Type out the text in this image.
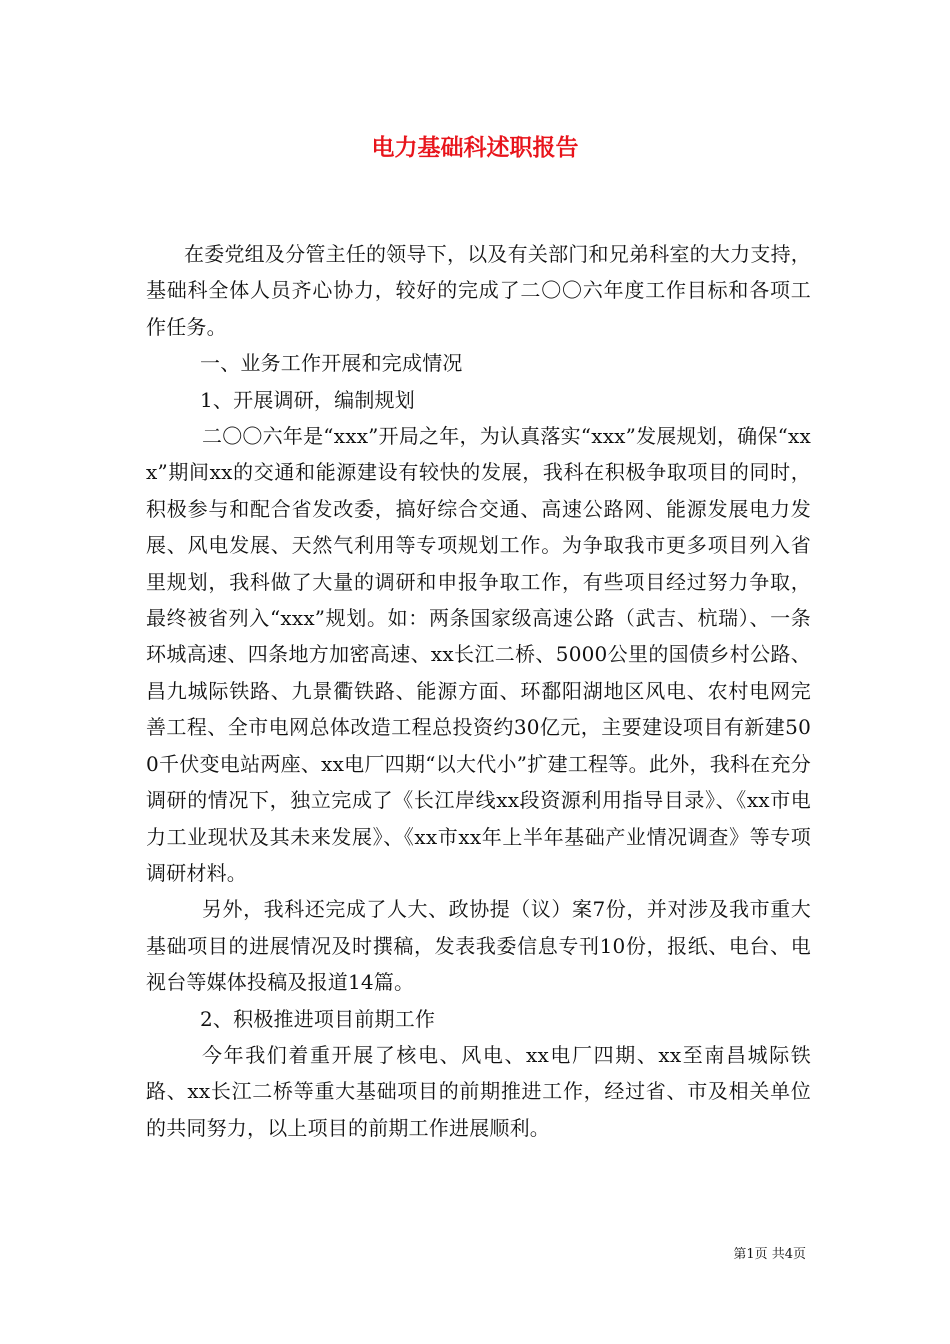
电力基础科述职报告

在委党组及分管主任的领导下，以及有关部门和兄弟科室的大力支持，基础科全体人员齐心协力，较好的完成了二〇〇六年度工作目标和各项工作任务。

一、业务工作开展和完成情况

1、开展调研，编制规划

二〇〇六年是“xxx”开局之年，为认真落实“xxx”发展规划，确保“xxx”期间xx的交通和能源建设有较快的发展，我科在积极争取项目的同时，积极参与和配合省发改委，搞好综合交通、高速公路网、能源发展电力发展、风电发展、天然气利用等专项规划工作。为争取我市更多项目列入省里规划，我科做了大量的调研和申报争取工作，有些项目经过努力争取，最终被省列入“xxx”规划。如：两条国家级高速公路（武吉、杭瑞）、一条环城高速、四条地方加密高速、xx长江二桥、5000公里的国债乡村公路、昌九城际铁路、九景衢铁路、能源方面、环鄱阳湖地区风电、农村电网完善工程、全市电网总体改造工程总投资约30亿元，主要建设项目有新建500千伏变电站两座、xx电厂四期“以大代小”扩建工程等。此外，我科在充分调研的情况下，独立完成了《长江岸线xx段资源利用指导目录》、《xx市电力工业现状及其未来发展》、《xx市xx年上半年基础产业情况调查》等专项调研材料。

另外，我科还完成了人大、政协提（议）案7份，并对涉及我市重大基础项目的进展情况及时撰稿，发表我委信息专刊10份，报纸、电台、电视台等媒体投稿及报道14篇。

2、积极推进项目前期工作

今年我们着重开展了核电、风电、xx电厂四期、xx至南昌城际铁路、xx长江二桥等重大基础项目的前期推进工作，经过省、市及相关单位的共同努力，以上项目的前期工作进展顺利。

第1页 共4页
